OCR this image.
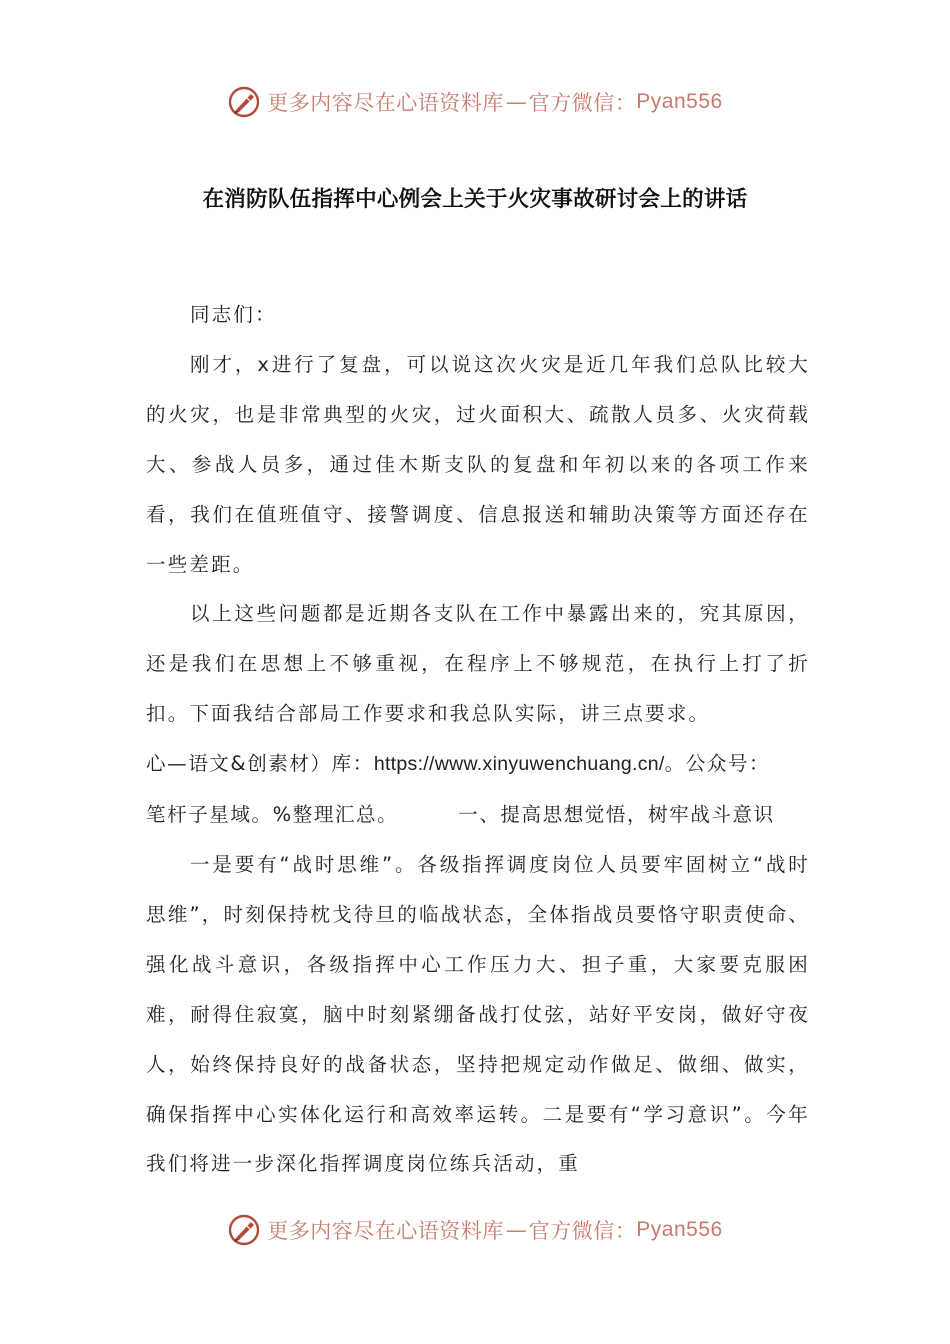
更多内容尽在心语资料库 — 官方微信： Pyan556
在消防队伍指挥中心例会上关于火灾事故研讨会上的讲话

同志们：

刚才，x进行了复盘，可以说这次火灾是近几年我们总队比较大的火灾，也是非常典型的火灾，过火面积大、疏散人员多、火灾荷载大、参战人员多，通过佳木斯支队的复盘和年初以来的各项工作来看，我们在值班值守、接警调度、信息报送和辅助决策等方面还存在一些差距。

以上这些问题都是近期各支队在工作中暴露出来的，究其原因，还是我们在思想上不够重视，在程序上不够规范，在执行上打了折扣。下面我结合部局工作要求和我总队实际，讲三点要求。

心—语文&创素材）库：https://www.xinyuwenchuang.cn/。公众号：

笔杆子星域。%整理汇总。	一、提高思想觉悟，树牢战斗意识

一是要有“战时思维”。各级指挥调度岗位人员要牢固树立“战时思维”，时刻保持枕戈待旦的临战状态，全体指战员要恪守职责使命、强化战斗意识，各级指挥中心工作压力大、担子重，大家要克服困难，耐得住寂寞，脑中时刻紧绷备战打仗弦，站好平安岗，做好守夜人，始终保持良好的战备状态，坚持把规定动作做足、做细、做实，确保指挥中心实体化运行和高效率运转。二是要有“学习意识”。今年我们将进一步深化指挥调度岗位练兵活动，重

更多内容尽在心语资料库 — 官方微信： Pyan556
